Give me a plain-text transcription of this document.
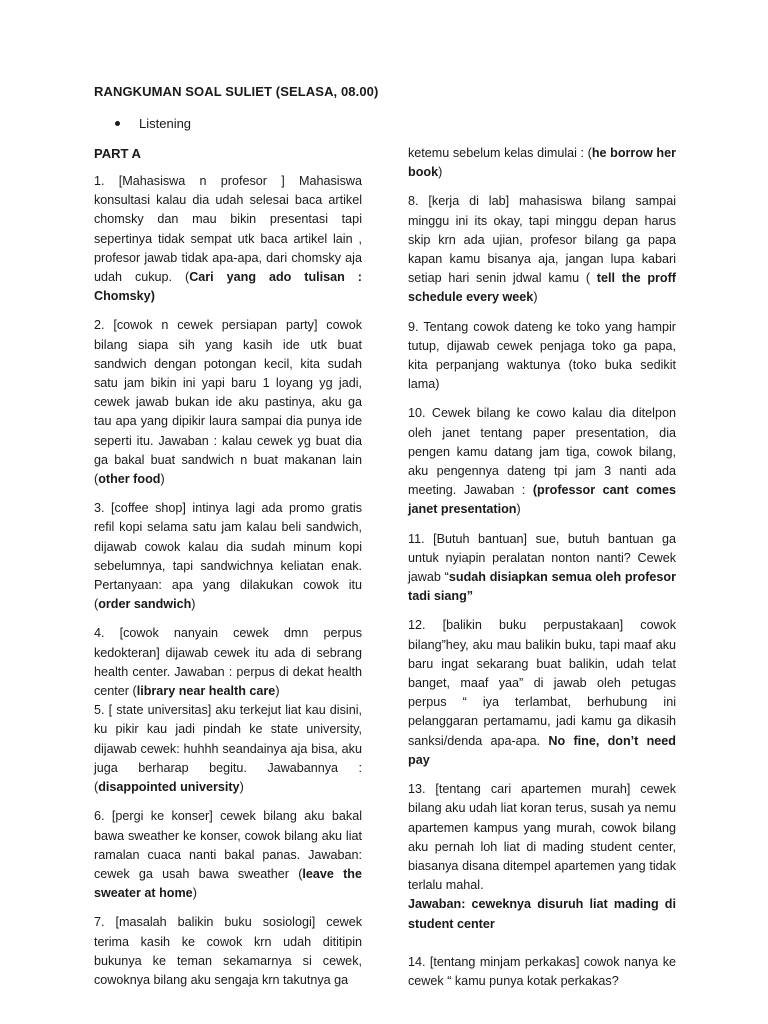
RANGKUMAN SOAL SULIET (SELASA, 08.00)
Listening
PART A

1. [Mahasiswa n profesor ] Mahasiswa konsultasi kalau dia udah selesai baca artikel chomsky dan mau bikin presentasi tapi sepertinya tidak sempat utk baca artikel lain , profesor jawab tidak apa-apa, dari chomsky aja udah cukup. (Cari yang ado tulisan : Chomsky)

2. [cowok n cewek persiapan party] cowok bilang siapa sih yang kasih ide utk buat sandwich dengan potongan kecil, kita sudah satu jam bikin ini yapi baru 1 loyang yg jadi, cewek jawab bukan ide aku pastinya, aku ga tau apa yang dipikir laura sampai dia punya ide seperti itu. Jawaban : kalau cewek yg buat dia ga bakal buat sandwich n buat makanan lain (other food)

3. [coffee shop] intinya lagi ada promo gratis refil kopi selama satu jam kalau beli sandwich, dijawab cowok kalau dia sudah minum kopi sebelumnya, tapi sandwichnya keliatan enak. Pertanyaan: apa yang dilakukan cowok itu (order sandwich)

4. [cowok nanyain cewek dmn perpus kedokteran] dijawab cewek itu ada di sebrang health center. Jawaban : perpus di dekat health center (library near health care)

5. [ state universitas] aku terkejut liat kau disini, ku pikir kau jadi pindah ke state university, dijawab cewek: huhhh seandainya aja bisa, aku juga berharap begitu. Jawabannya : (disappointed university)

6. [pergi ke konser] cewek bilang aku bakal bawa sweather ke konser, cowok bilang aku liat ramalan cuaca nanti bakal panas. Jawaban: cewek ga usah bawa sweather (leave the sweater at home)

7. [masalah balikin buku sosiologi] cewek terima kasih ke cowok krn udah dititipin bukunya ke teman sekamarnya si cewek, cowoknya bilang aku sengaja krn takutnya ga

ketemu sebelum kelas dimulai : (he borrow her book)

8. [kerja di lab] mahasiswa bilang sampai minggu ini its okay, tapi minggu depan harus skip krn ada ujian, profesor bilang ga papa kapan kamu bisanya aja, jangan lupa kabari setiap hari senin jdwal kamu ( tell the proff schedule every week)

9. Tentang cowok dateng ke toko yang hampir tutup, dijawab cewek penjaga toko ga papa, kita perpanjang waktunya (toko buka sedikit lama)

10. Cewek bilang ke cowo kalau dia ditelpon oleh janet tentang paper presentation, dia pengen kamu datang jam tiga, cowok bilang, aku pengennya dateng tpi jam 3 nanti ada meeting. Jawaban : (professor cant comes janet presentation)

11. [Butuh bantuan] sue, butuh bantuan ga untuk nyiapin peralatan nonton nanti? Cewek jawab “sudah disiapkan semua oleh profesor tadi siang”

12. [balikin buku perpustakaan] cowok bilang”hey, aku mau balikin buku, tapi maaf aku baru ingat sekarang buat balikin, udah telat banget, maaf yaa” di jawab oleh petugas perpus “ iya terlambat, berhubung ini pelanggaran pertamamu, jadi kamu ga dikasih sanksi/denda apa-apa. No fine, don’t need pay

13. [tentang cari apartemen murah] cewek bilang aku udah liat koran terus, susah ya nemu apartemen kampus yang murah, cowok bilang aku pernah loh liat di mading student center, biasanya disana ditempel apartemen yang tidak terlalu mahal.

Jawaban: ceweknya disuruh liat mading di student center

14. [tentang minjam perkakas] cowok nanya ke cewek “ kamu punya kotak perkakas?
